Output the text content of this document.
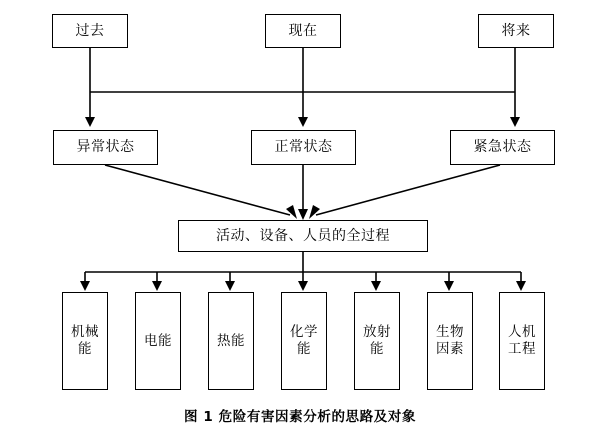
过去	现在	将来
异常状态	正常状态	紧急状态
活动、设备、人员的全过程
机械能
电能	热能
化学能
放射能
生物因素
人机工程
图 1 危险有害因素分析的思路及对象
